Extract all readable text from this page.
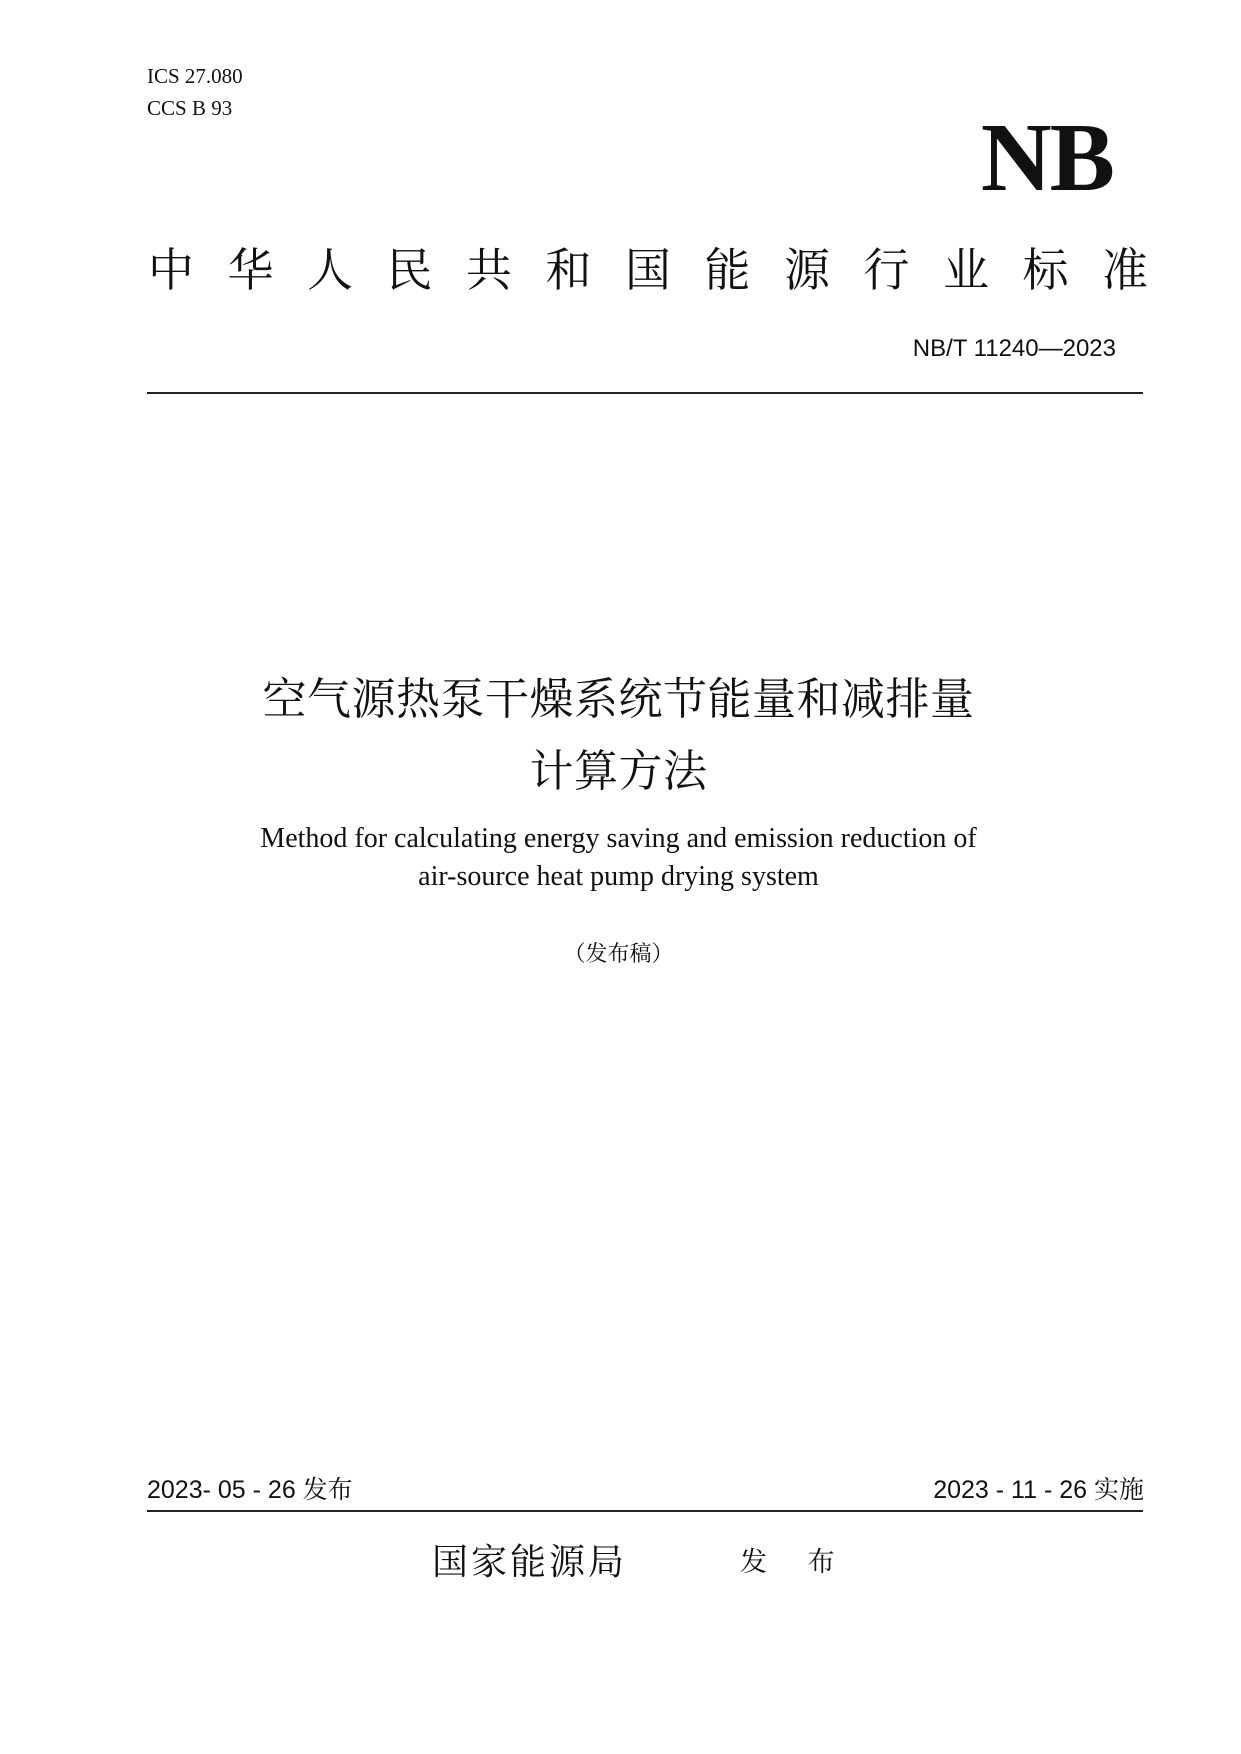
ICS 27.080
CCS B 93	NB
中华人民共和国能源行业标准
NB/T 11240—2023
空气源热泵干燥系统节能量和减排量
计算方法
Method for calculating energy saving and emission reduction of
air-source heat pump drying system
（发布稿）
2023- 05 - 26 发布	2023 - 11 - 26 实施
国家能源局	发 布
